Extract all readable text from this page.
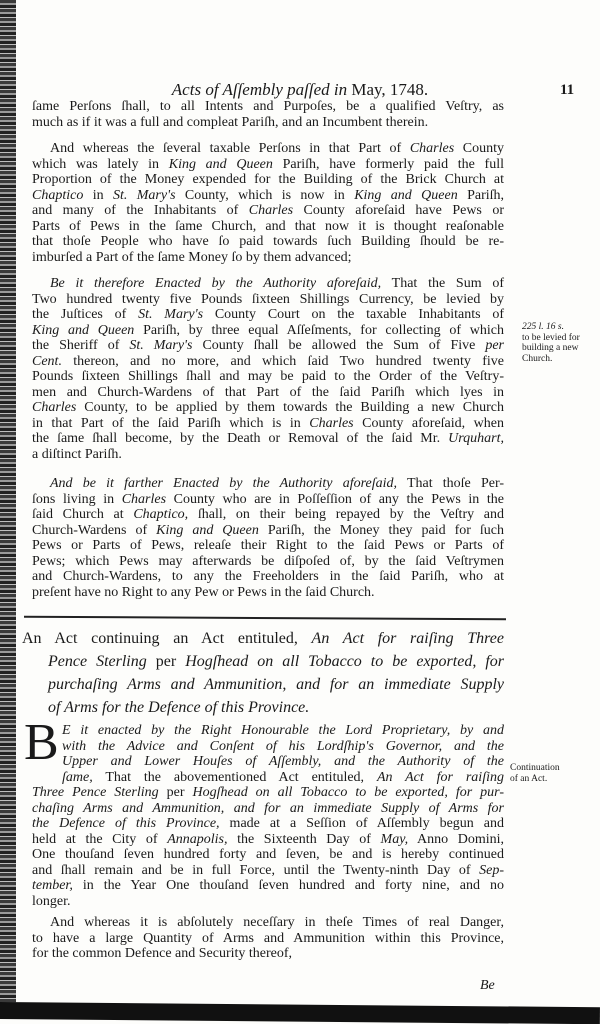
Acts of Aſſembly paſſed in May, 1748.	11
ſame Perſons ſhall, to all Intents and Purpoſes, be a qualified Veſtry, as
much as if it was a full and compleat Pariſh, and an Incumbent therein.
And whereas the ſeveral taxable Perſons in that Part of Charles County
which was lately in King and Queen Pariſh, have formerly paid the full
Proportion of the Money expended for the Building of the Brick Church at
Chaptico in St. Mary's County, which is now in King and Queen Pariſh,
and many of the Inhabitants of Charles County aforeſaid have Pews or
Parts of Pews in the ſame Church, and that now it is thought reaſonable
that thoſe People who have ſo paid towards ſuch Building ſhould be re-
imburſed a Part of the ſame Money ſo by them advanced;
Be it therefore Enacted by the Authority aforeſaid, That the Sum of
Two hundred twenty five Pounds ſixteen Shillings Currency, be levied by
the Juſtices of St. Mary's County Court on the taxable Inhabitants of
King and Queen Pariſh, by three equal Aſſeſments, for collecting of which
the Sheriff of St. Mary's County ſhall be allowed the Sum of Five per
Cent. thereon, and no more, and which ſaid Two hundred twenty five
Pounds ſixteen Shillings ſhall and may be paid to the Order of the Veſtry-
men and Church-Wardens of that Part of the ſaid Pariſh which lyes in
Charles County, to be applied by them towards the Building a new Church
in that Part of the ſaid Pariſh which is in Charles County aforeſaid, when
the ſame ſhall become, by the Death or Removal of the ſaid Mr. Urquhart,
a diſtinct Pariſh.
And be it farther Enacted by the Authority aforeſaid, That thoſe Per-
ſons living in Charles County who are in Poſſeſſion of any the Pews in the
ſaid Church at Chaptico, ſhall, on their being repayed by the Veſtry and
Church-Wardens of King and Queen Pariſh, the Money they paid for ſuch
Pews or Parts of Pews, releaſe their Right to the ſaid Pews or Parts of
Pews; which Pews may afterwards be diſpoſed of, by the ſaid Veſtrymen
and Church-Wardens, to any the Freeholders in the ſaid Pariſh, who at
preſent have no Right to any Pew or Pews in the ſaid Church.
An Act continuing an Act entituled, An Act for raiſing Three
Pence Sterling per Hogſhead on all Tobacco to be exported, for
purchaſing Arms and Ammunition, and for an immediate Supply
of Arms for the Defence of this Province.
B E it enacted by the Right Honourable the Lord Proprietary, by and
with the Advice and Conſent of his Lordſhip's Governor, and the
Upper and Lower Houſes of Aſſembly, and the Authority of the
ſame, That the abovementioned Act entituled, An Act for raiſing
Three Pence Sterling per Hogſhead on all Tobacco to be exported, for pur-
chaſing Arms and Ammunition, and for an immediate Supply of Arms for
the Defence of this Province, made at a Seſſion of Aſſembly begun and
held at the City of Annapolis, the Sixteenth Day of May, Anno Domini,
One thouſand ſeven hundred forty and ſeven, be and is hereby continued
and ſhall remain and be in full Force, until the Twenty-ninth Day of Sep-
tember, in the Year One thouſand ſeven hundred and forty nine, and no
longer.
And whereas it is abſolutely neceſſary in theſe Times of real Danger,
to have a large Quantity of Arms and Ammunition within this Province,
for the common Defence and Security thereof,
225 l. 16 s.
to be levied for
building a new
Church.
Continuation
of an Act.
Be
